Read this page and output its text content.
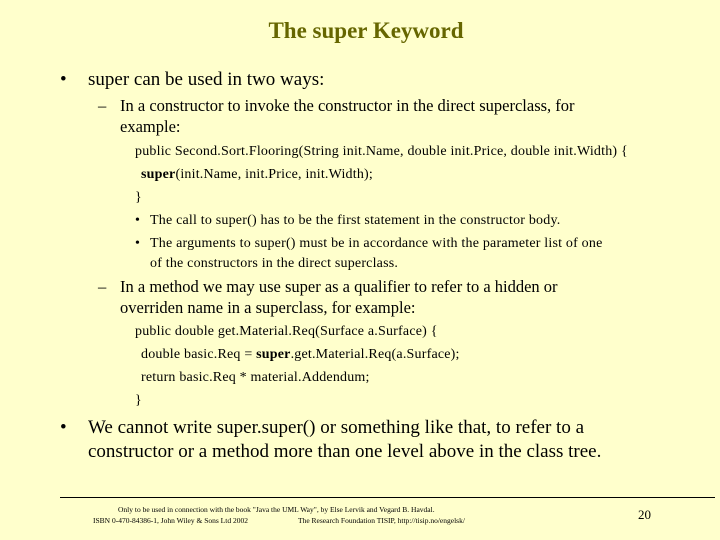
The super Keyword
• super can be used in two ways:
– In a constructor to invoke the constructor in the direct superclass, for
example:
public Second.Sort.Flooring(String init.Name, double init.Price, double init.Width) {
super(init.Name, init.Price, init.Width);
}
• The call to super() has to be the first statement in the constructor body.
• The arguments to super() must be in accordance with the parameter list of one
of the constructors in the direct superclass.
– In a method we may use super as a qualifier to refer to a hidden or
overriden name in a superclass, for example:
public double get.Material.Req(Surface a.Surface) {
double basic.Req = super.get.Material.Req(a.Surface);
return basic.Req * material.Addendum;
}
• We cannot write super.super() or something like that, to refer to a
constructor or a method more than one level above in the class tree.
Only to be used in connection with the book "Java the UML Way", by Else Lervik and Vegard B. Havdal.
ISBN 0-470-84386-1, John Wiley & Sons Ltd 2002	The Research Foundation TISIP, http://tisip.no/engelsk/	20
